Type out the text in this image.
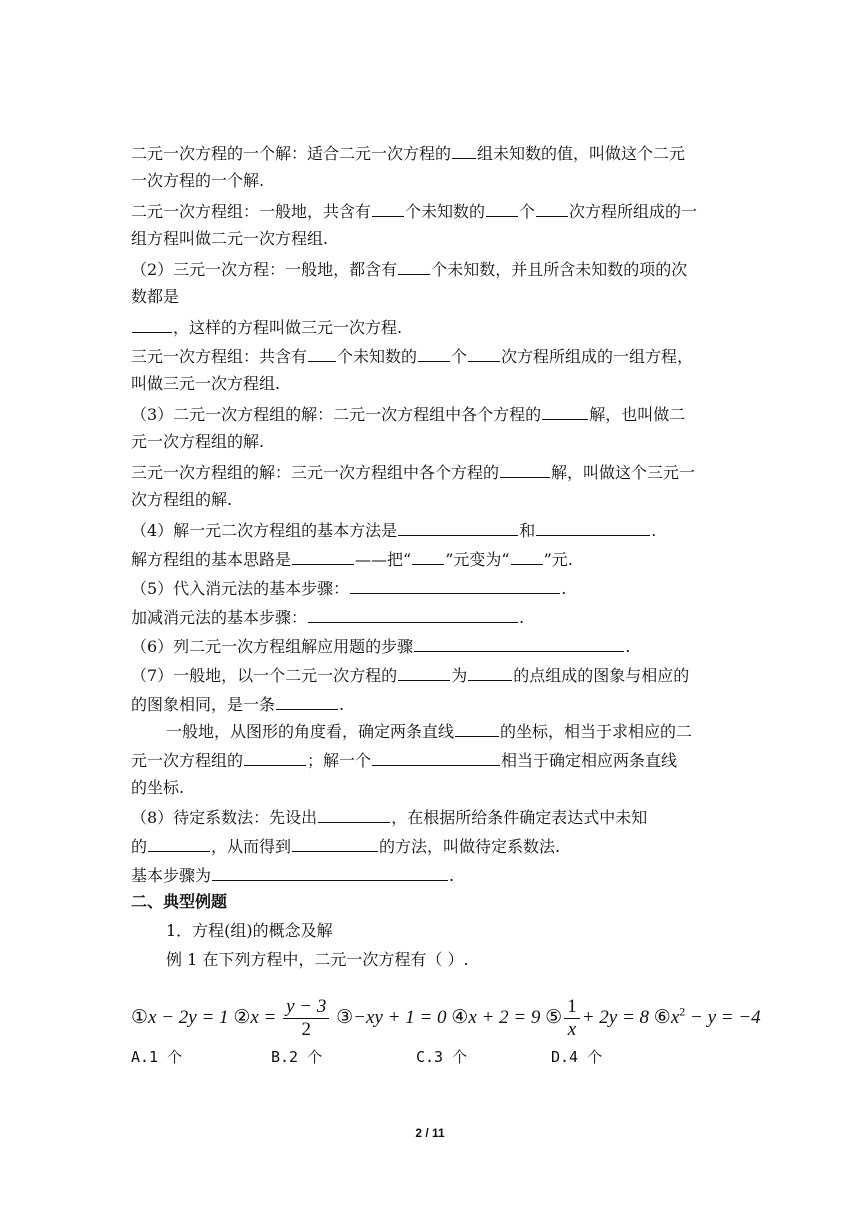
二元一次方程的一个解：适合二元一次方程的 组未知数的值，叫做这个二元
一次方程的一个解.
二元一次方程组：一般地，共含有 个未知数的 个 次方程所组成的一
组方程叫做二元一次方程组.
（2）三元一次方程：一般地，都含有 个未知数，并且所含未知数的项的次
数都是
，这样的方程叫做三元一次方程.
三元一次方程组：共含有 个未知数的 个 次方程所组成的一组方程，
叫做三元一次方程组.
（3）二元一次方程组的解：二元一次方程组中各个方程的	解，也叫做二
元一次方程组的解.
三元一次方程组的解：三元一次方程组中各个方程的	解，叫做这个三元一
次方程组的解.
（4）解一元二次方程组的基本方法是	和	.
解方程组的基本思路是	——把“ ”元变为“ ”元.
（5）代入消元法的基本步骤：	.
加减消元法的基本步骤：	.
（6）列二元一次方程组解应用题的步骤	.
（7）一般地，以一个二元一次方程的	为	的点组成的图象与相应的
的图象相同，是一条	.
一般地，从图形的角度看，确定两条直线	的坐标，相当于求相应的二
元一次方程组的	；解一个	相当于确定相应两条直线
的坐标.
（8）待定系数法：先设出	，在根据所给条件确定表达式中未知
的	，从而得到	的方法，叫做待定系数法.
基本步骤为	.
二、典型例题
1．方程(组)的概念及解
例 1 在下列方程中，二元一次方程有（ ）.
①x − 2y = 1 ②x = $\frac{y - 3}{2}$ ③−xy + 1 = 0 ④x + 2 = 9 ⑤ $\frac{1}{x} + 2y = 8$ $⑥x^2 - y = -4$
A.1 个	B.2 个	C.3 个	D.4 个
2 / 11
